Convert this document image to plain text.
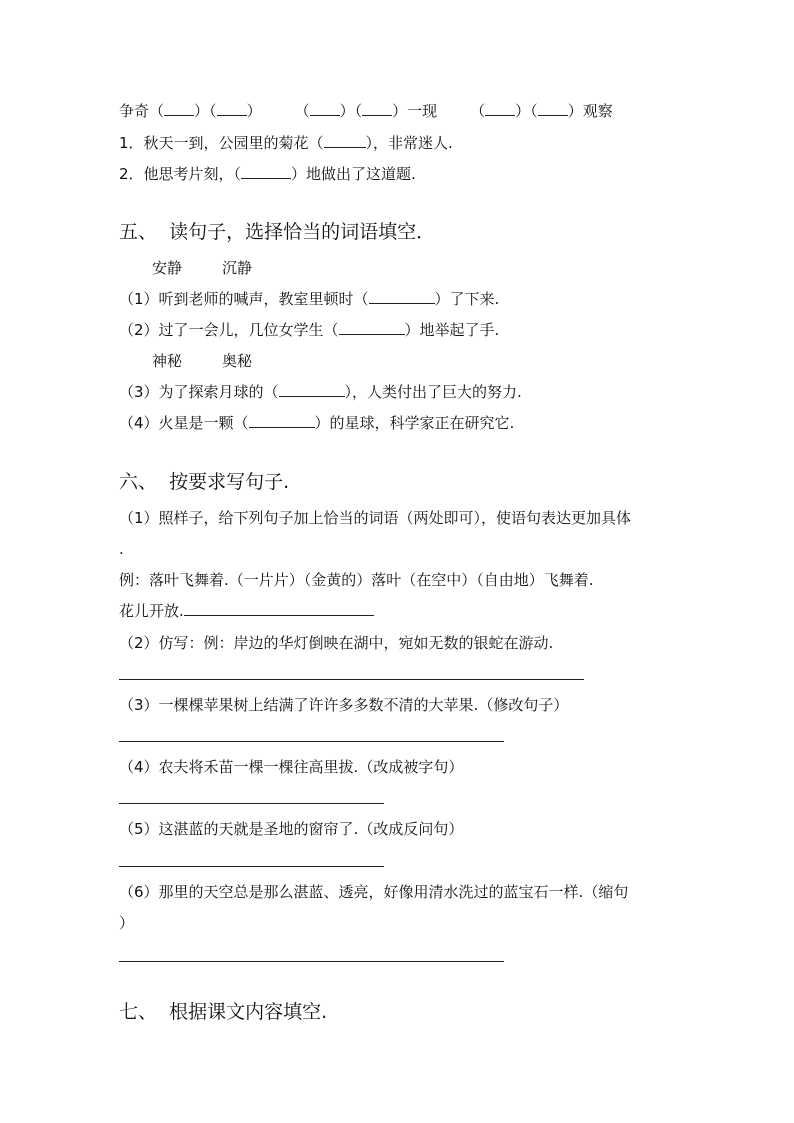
争奇（ ）（ ） （ ）（ ）一现 （ ）（ ）观察
1．秋天一到，公园里的菊花（	），非常迷人.
2．他思考片刻，（	）地做出了这道题.
五、  读句子，选择恰当的词语填空．
安静	沉静
（1）听到老师的喊声，教室里顿时（	）了下来.
（2）过了一会儿，几位女学生（	）地举起了手.
神秘	奥秘
（3）为了探索月球的（	），人类付出了巨大的努力.
（4）火星是一颗（	）的星球，科学家正在研究它.
六、  按要求写句子.
（1）照样子，给下列句子加上恰当的词语（两处即可），使语句表达更加具体
.
例：落叶飞舞着.（一片片）（金黄的）落叶（在空中）（自由地）飞舞着.
花儿开放.
（2）仿写：例：岸边的华灯倒映在湖中，宛如无数的银蛇在游动.
（3）一棵棵苹果树上结满了许许多多数不清的大苹果.（修改句子）
（4）农夫将禾苗一棵一棵往高里拔.（改成被字句）
（5）这湛蓝的天就是圣地的窗帘了.（改成反问句）
（6）那里的天空总是那么湛蓝、透亮，好像用清水洗过的蓝宝石一样.（缩句
）
七、  根据课文内容填空.
